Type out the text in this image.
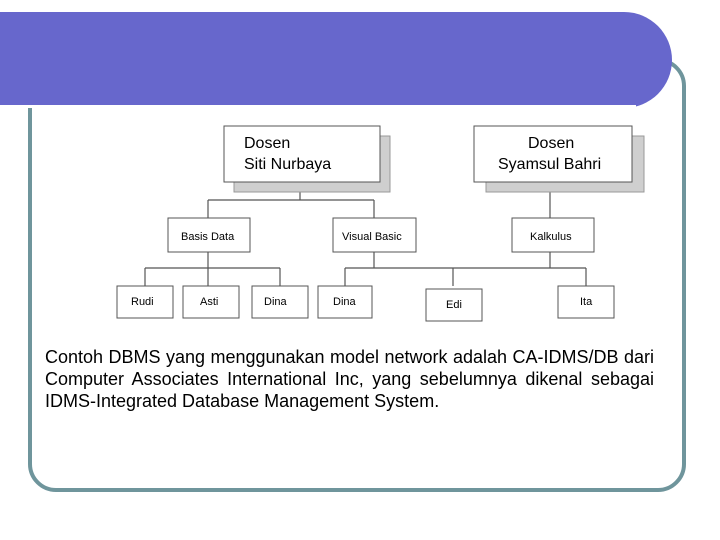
Dosen
Siti Nurbaya
Dosen
Syamsul Bahri
Basis Data	Visual Basic	Kalkulus
Rudi	Asti	Dina	Dina	Edi	Ita
Contoh DBMS yang menggunakan model network adalah CA-IDMS/DB dari Computer Associates International Inc, yang sebelumnya dikenal sebagai IDMS-Integrated Database Management System.
